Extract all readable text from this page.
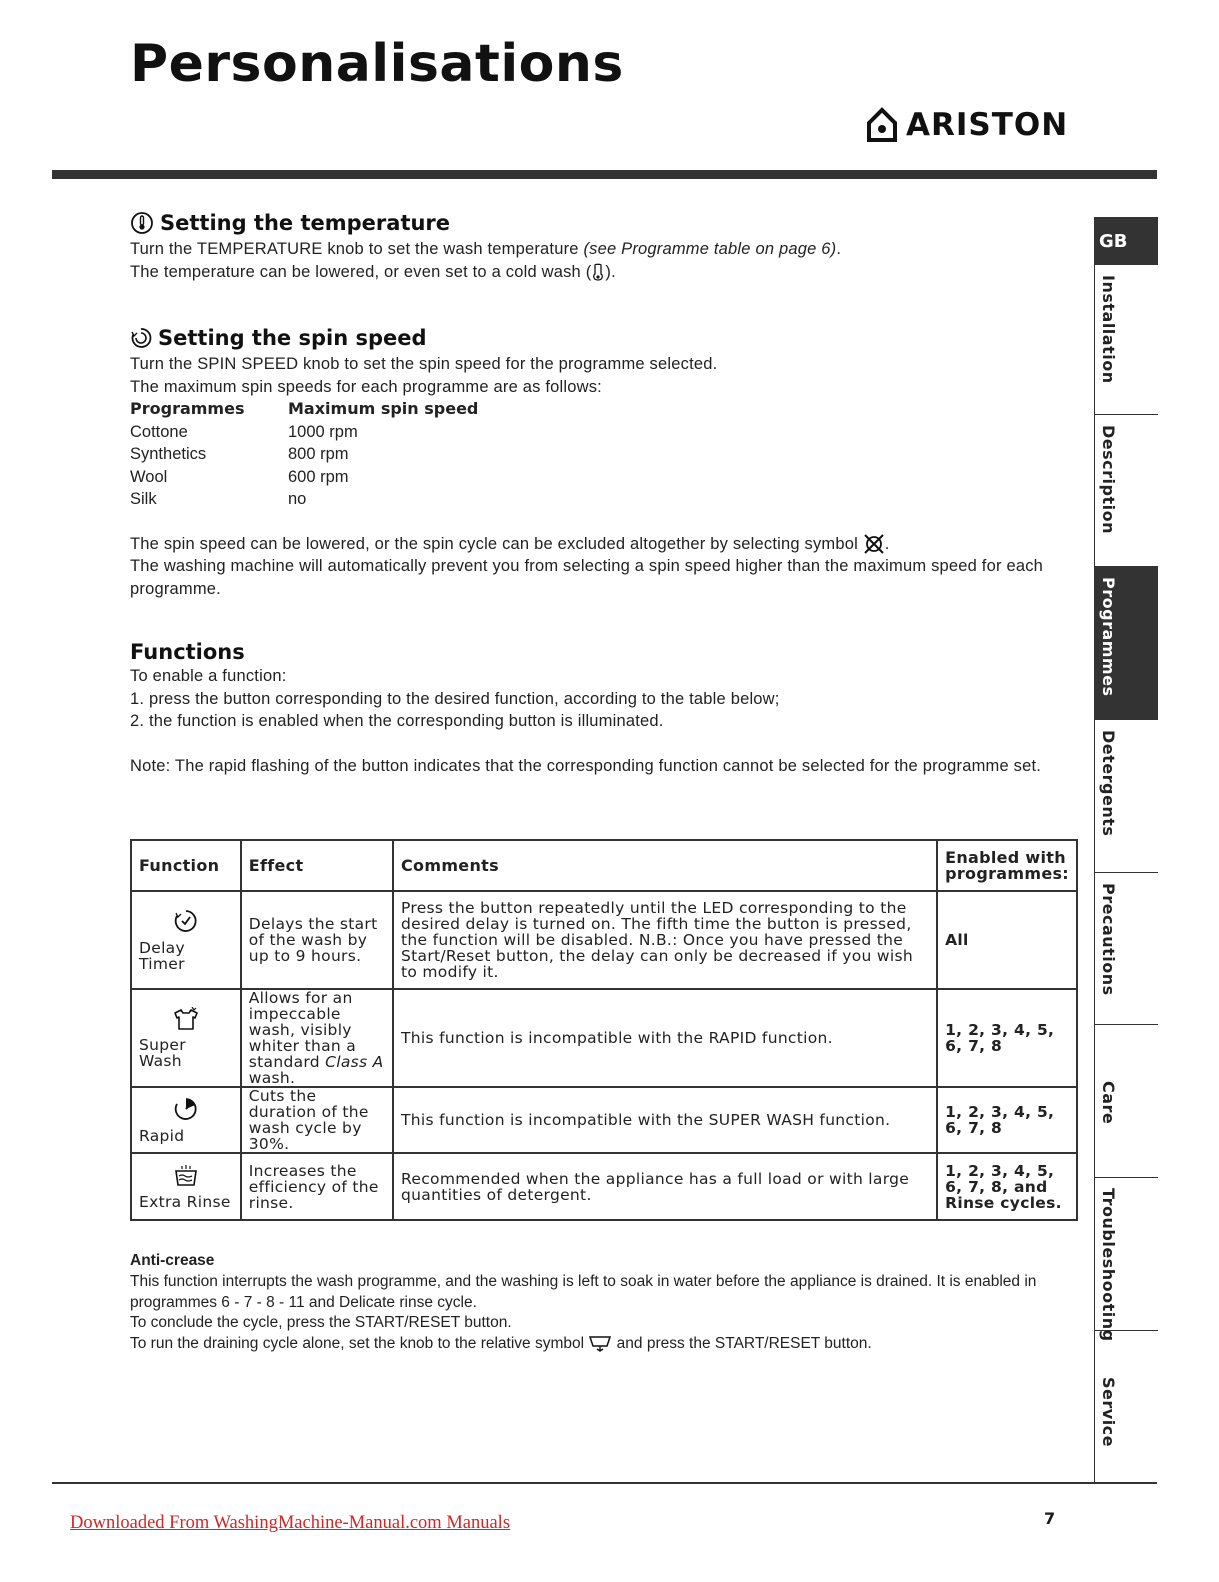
Personalisations
ARISTON
GB
Installation
Description
Programmes
Detergents
Precautions
Care
Troubleshooting
Service
Setting the temperature

Turn the TEMPERATURE knob to set the wash temperature (see Programme table on page 6).

The temperature can be lowered, or even set to a cold wash ( ).

Setting the spin speed

Turn the SPIN SPEED knob to set the spin speed for the programme selected.

The maximum spin speeds for each programme are as follows:

Programmes	Maximum spin speed
Cottone	1000 rpm
Synthetics	800 rpm
Wool	600 rpm
Silk	no

The spin speed can be lowered, or the spin cycle can be excluded altogether by selecting symbol .

The washing machine will automatically prevent you from selecting a spin speed higher than the maximum speed for each programme.

Functions

To enable a function:

1. press the button corresponding to the desired function, according to the table below;

2. the function is enabled when the corresponding button is illuminated.

Note: The rapid flashing of the button indicates that the corresponding function cannot be selected for the programme set.

Function	Effect	Comments	Enabled with programmes:

Delay Timer	Delays the start of the wash by up to 9 hours.	Press the button repeatedly until the LED corresponding to the desired delay is turned on. The fifth time the button is pressed, the function will be disabled. N.B.: Once you have pressed the Start/Reset button, the delay can only be decreased if you wish to modify it.	All

Super Wash	Allows for an impeccable wash, visibly whiter than a standard Class A wash.	This function is incompatible with the RAPID function.	1, 2, 3, 4, 5, 6, 7, 8

Rapid	Cuts the duration of the wash cycle by 30%.	This function is incompatible with the SUPER WASH function.	1, 2, 3, 4, 5, 6, 7, 8

Extra Rinse	Increases the efficiency of the rinse.	Recommended when the appliance has a full load or with large quantities of detergent.	1, 2, 3, 4, 5, 6, 7, 8, and Rinse cycles.

Anti-crease

This function interrupts the wash programme, and the washing is left to soak in water before the appliance is drained. It is enabled in programmes 6 - 7 - 8 - 11 and Delicate rinse cycle.

To conclude the cycle, press the START/RESET button.

To run the draining cycle alone, set the knob to the relative symbol  and press the START/RESET button.

Downloaded From WashingMachine-Manual.com Manuals	7
